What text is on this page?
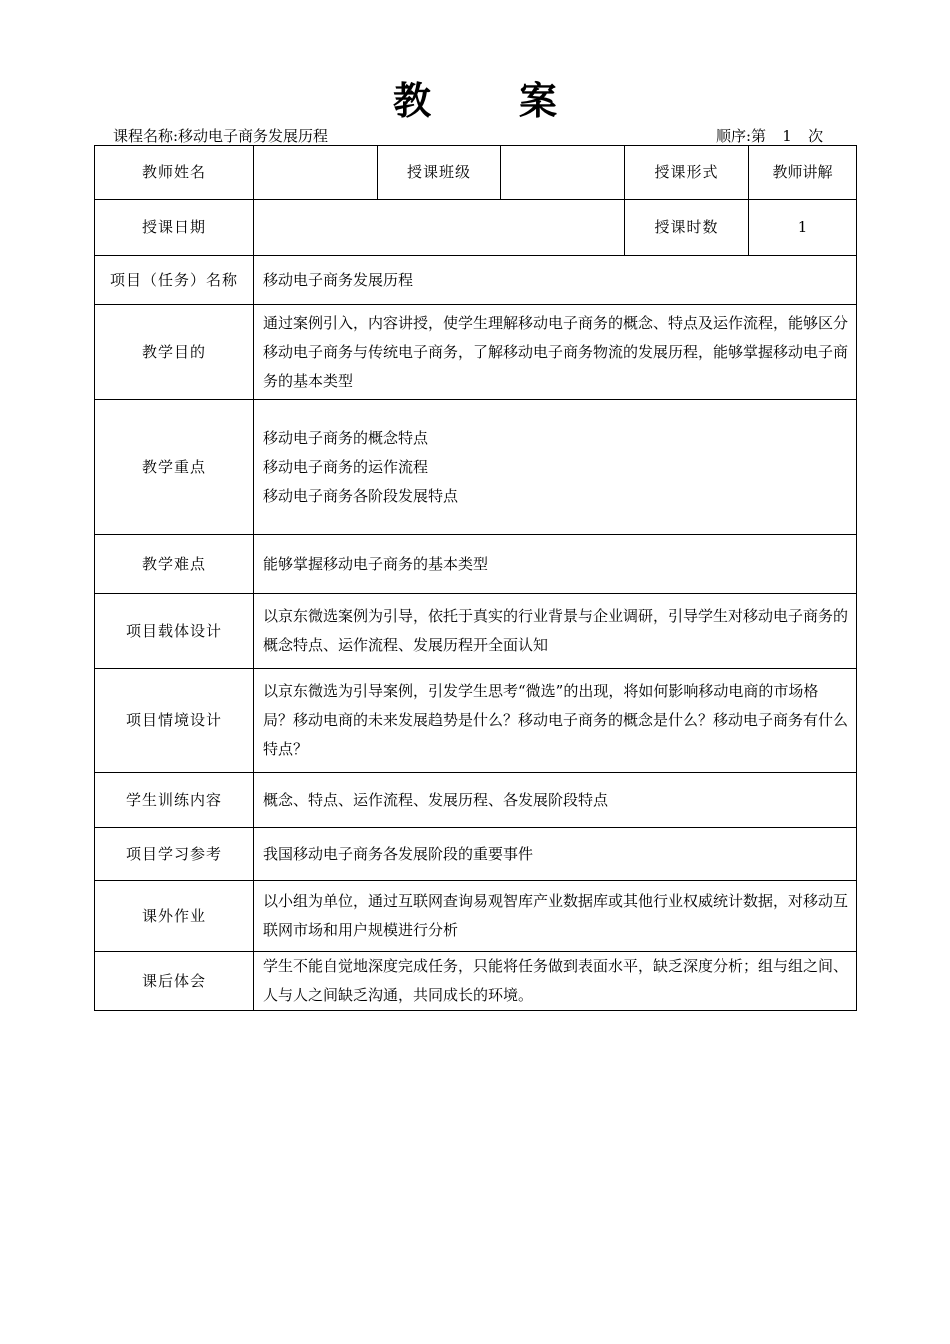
教 案
课程名称:移动电子商务发展历程	顺序:第 1 次
教师姓名		授课班级		授课形式	教师讲解
授课日期				授课时数	1
项目（任务）名称	移动电子商务发展历程				

教学目的	通过案例引入，内容讲授，使学生理解移动电子商务的概念、特点及运作流程，能够区分移动电子商务与传统电子商务，了解移动电子商务物流的发展历程，能够掌握移动电子商务的基本类型				

教学重点	移动电子商务的概念特点
移动电子商务的运作流程
移动电子商务各阶段发展特点				

教学难点	能够掌握移动电子商务的基本类型				

项目载体设计	以京东微选案例为引导，依托于真实的行业背景与企业调研，引导学生对移动电子商务的概念特点、运作流程、发展历程开全面认知				

项目情境设计	以京东微选为引导案例，引发学生思考“微选”的出现，将如何影响移动电商的市场格局？移动电商的未来发展趋势是什么？移动电子商务的概念是什么？移动电子商务有什么特点？				

学生训练内容	概念、特点、运作流程、发展历程、各发展阶段特点				

项目学习参考	我国移动电子商务各发展阶段的重要事件				

课外作业	以小组为单位，通过互联网查询易观智库产业数据库或其他行业权威统计数据，对移动互联网市场和用户规模进行分析				

课后体会	学生不能自觉地深度完成任务，只能将任务做到表面水平，缺乏深度分析；组与组之间、人与人之间缺乏沟通，共同成长的环境。				
